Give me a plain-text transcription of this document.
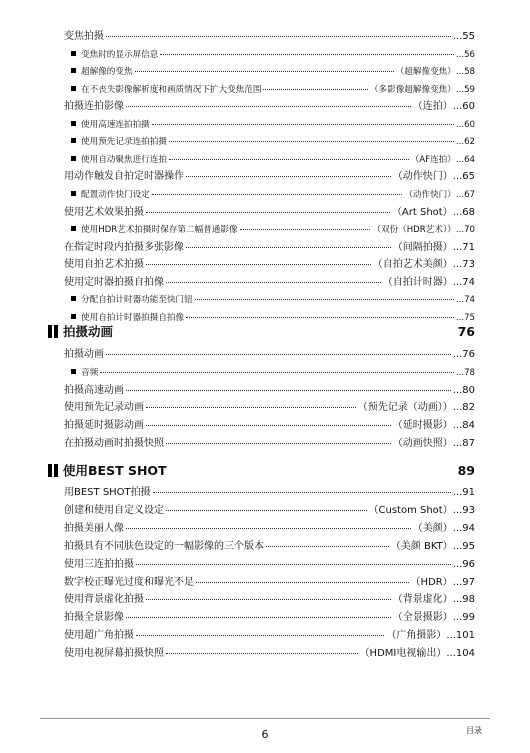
变焦拍摄	... 55
变焦时的显示屏信息	... 56
超解像的变焦	（超解像变焦） ... 58
在不丧失影像解析度和画质情况下扩大变焦范围	（多影像超解像变焦） ... 59
拍摄连拍影像	（连拍） ... 60
使用高速连拍拍摄	... 60
使用预先记录连拍拍摄	... 62
使用自动聚焦进行连拍	（AF连拍） ... 64
用动作触发自拍定时器操作	（动作快门） ... 65
配置动作快门设定	（动作快门） ... 67
使用艺术效果拍摄	（Art Shot） ... 68
使用HDR艺术拍摄时保存第二幅普通影像	（双份（HDR艺术）） ... 70
在指定时段内拍摄多张影像	（间隔拍摄） ... 71
使用自拍艺术拍摄	（自拍艺术美颜） ... 73
使用定时器拍摄自拍像	（自拍计时器） ... 74
分配自拍计时器功能至快门钮	... 74
使用自拍计时器拍摄自拍像	... 75
拍摄动画	76
拍摄动画	... 76
音频	... 78
拍摄高速动画	... 80
使用预先记录动画	（预先记录（动画）） ... 82
拍摄延时摄影动画	（延时摄影） ... 84
在拍摄动画时拍摄快照	（动画快照） ... 87
使用BEST SHOT	89
用BEST SHOT拍摄	... 91
创建和使用自定义设定	（Custom Shot） ... 93
拍摄美丽人像	（美颜） ... 94
拍摄具有不同肤色设定的一幅影像的三个版本	（美颜 BKT） ... 95
使用三连拍拍摄	... 96
数字校正曝光过度和曝光不足	（HDR） ... 97
使用背景虚化拍摄	（背景虚化） ... 98
拍摄全景影像	（全景摄影） ... 99
使用超广角拍摄	（广角摄影） ... 101
使用电视屏幕拍摄快照	（HDMI电视输出） ... 104
6	目录
